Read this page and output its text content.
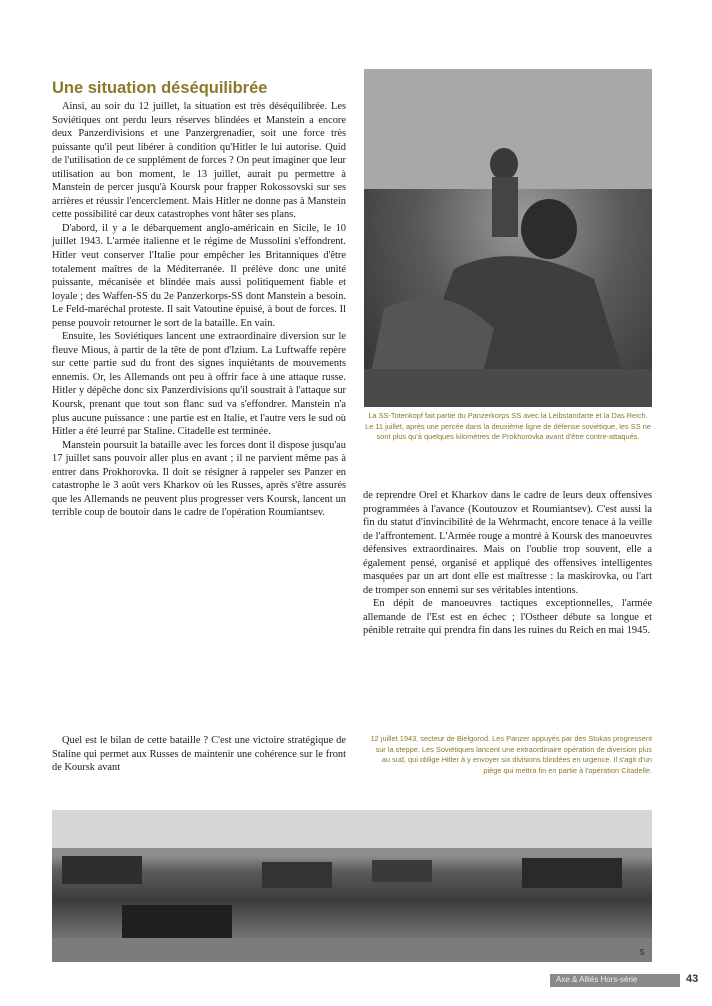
Une situation déséquilibrée

Ainsi, au soir du 12 juillet, la situation est très déséquilibrée. Les Soviétiques ont perdu leurs réserves blindées et Manstein a encore deux Panzerdivisions et une Panzergrenadier, soit une force très puissante qu'il peut libérer à condition qu'Hitler le lui autorise. Quid de l'utilisation de ce supplément de forces ? On peut imaginer que leur utilisation au bon moment, le 13 juillet, aurait pu permettre à Manstein de percer jusqu'à Koursk pour frapper Rokossovski sur ses arrières et réussir l'encerclement. Mais Hitler ne donne pas à Manstein cette possibilité car deux catastrophes vont hâter ses plans.

D'abord, il y a le débarquement anglo-américain en Sicile, le 10 juillet 1943. L'armée italienne et le régime de Mussolini s'effondrent. Hitler veut conserver l'Italie pour empêcher les Britanniques d'être totalement maîtres de la Méditerranée. Il prélève donc une unité puissante, mécanisée et blindée mais aussi politiquement fiable et loyale ; des Waffen-SS du 2e Panzerkorps-SS dont Manstein a besoin. Le Feld-maréchal proteste. Il sait Vatoutine épuisé, à bout de forces. Il pense pouvoir retourner le sort de la bataille. En vain.

Ensuite, les Soviétiques lancent une extraordinaire diversion sur le fleuve Mious, à partir de la tête de pont d'Izium. La Luftwaffe repère sur cette partie sud du front des signes inquiétants de mouvements ennemis. Or, les Allemands ont peu à offrir face à une attaque russe. Hitler y dépêche donc six Panzerdivisions qu'il soustrait à l'attaque sur Koursk, prenant que tout son flanc sud va s'effondrer. Manstein n'a plus aucune puissance : une partie est en Italie, et l'autre vers le sud où Hitler a été leurré par Staline. Citadelle est terminée.

Manstein poursuit la bataille avec les forces dont il dispose jusqu'au 17 juillet sans pouvoir aller plus en avant ; il ne parvient même pas à entrer dans Prokhorovka. Il doit se résigner à rappeler ses Panzer en catastrophe le 3 août vers Kharkov où les Russes, après s'être assurés que les Allemands ne peuvent plus progresser vers Koursk, lancent un terrible coup de boutoir dans le cadre de l'opération Roumiantsev.

Quel est le bilan de cette bataille ? C'est une victoire stratégique de Staline qui permet aux Russes de maintenir une cohérence sur le front de Koursk avant

La SS-Totenkopf fait partie du Panzerkorps SS avec la Leibstandarte et la Das Reich. Le 11 juillet, après une percée dans la deuxième ligne de défense soviétique, les SS ne sont plus qu'à quelques kilomètres de Prokhorovka avant d'être contre-attaqués.

de reprendre Orel et Kharkov dans le cadre de leurs deux offensives programmées à l'avance (Koutouzov et Roumiantsev). C'est aussi la fin du statut d'invincibilité de la Wehrmacht, encore tenace à la veille de l'affrontement. L'Armée rouge a montré à Koursk des manoeuvres défensives extraordinaires. Mais on l'oublie trop souvent, elle a également pensé, organisé et appliqué des offensives intelligentes masquées par un art dont elle est maîtresse : la maskirovka, ou l'art de tromper son ennemi sur ses véritables intentions.

En dépit de manoeuvres tactiques exceptionnelles, l'armée allemande de l'Est est en échec ; l'Ostheer débute sa longue et pénible retraite qui prendra fin dans les ruines du Reich en mai 1945.

12 juillet 1943, secteur de Bielgorod. Les Panzer appuyés par des Stukas progressent sur la steppe. Les Soviétiques lancent une extraordinaire opération de diversion plus au sud, qui oblige Hitler à y envoyer six divisions blindées en urgence. Il s'agit d'un piège qui mettra fin en partie à l'opération Citadelle.
5
Axe & Alliés Hors-série	43
